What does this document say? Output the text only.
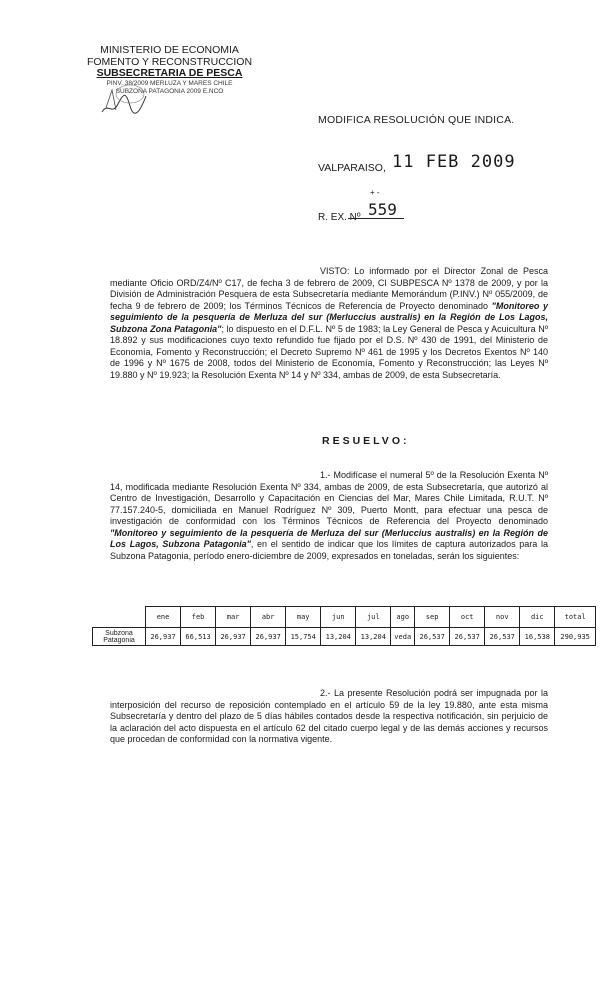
MINISTERIO DE ECONOMIA
FOMENTO Y RECONSTRUCCION
SUBSECRETARIA DE PESCA
PINV. 38/2009 MERLUZA Y MARES CHILE
SUBZONA PATAGONIA 2009 E.NCO
MODIFICA RESOLUCIÓN QUE INDICA.
VALPARAISO, 11 FEB 2009
+ -
R. EX. Nº 559

VISTO: Lo informado por el Director Zonal de Pesca mediante Oficio ORD/Z4/Nº C17, de fecha 3 de febrero de 2009, CI SUBPESCA Nº 1378 de 2009, y por la División de Administración Pesquera de esta Subsecretaría mediante Memorándum (P.INV.) Nº 055/2009, de fecha 9 de febrero de 2009; los Términos Técnicos de Referencia de Proyecto denominado "Monitoreo y seguimiento de la pesquería de Merluza del sur (Merluccius australis) en la Región de Los Lagos, Subzona Zona Patagonia"; lo dispuesto en el D.F.L. Nº 5 de 1983; la Ley General de Pesca y Acuicultura Nº 18.892 y sus modificaciones cuyo texto refundido fue fijado por el D.S. Nº 430 de 1991, del Ministerio de Economía, Fomento y Reconstrucción; el Decreto Supremo Nº 461 de 1995 y los Decretos Exentos Nº 140 de 1996 y Nº 1675 de 2008, todos del Ministerio de Economía, Fomento y Reconstrucción; las Leyes Nº 19.880 y Nº 19.923; la Resolución Exenta Nº 14 y Nº 334, ambas de 2009, de esta Subsecretaría.

RESUELVO:

1.- Modifícase el numeral 5º de la Resolución Exenta Nº 14, modificada mediante Resolución Exenta Nº 334, ambas de 2009, de esta Subsecretaría, que autorizó al Centro de Investigación, Desarrollo y Capacitación en Ciencias del Mar, Mares Chile Limitada, R.U.T. Nº 77.157.240-5, domiciliada en Manuel Rodríguez Nº 309, Puerto Montt, para efectuar una pesca de investigación de conformidad con los Términos Técnicos de Referencia del Proyecto denominado "Monitoreo y seguimiento de la pesquería de Merluza del sur (Merluccius australis) en la Región de Los Lagos, Subzona Patagonia", en el sentido de indicar que los límites de captura autorizados para la Subzona Patagonia, período enero-diciembre de 2009, expresados en toneladas, serán los siguientes:

	ene	feb	mar	abr	may	jun	jul	ago	sep	oct	nov	dic	total
Subzona Patagonia	26,937	66,513	26,937	26,937	15,754	13,204	13,204	veda	26,537	26,537	26,537	16,538	290,935

2.- La presente Resolución podrá ser impugnada por la interposición del recurso de reposición contemplado en el artículo 59 de la ley 19.880, ante esta misma Subsecretaría y dentro del plazo de 5 días hábiles contados desde la respectiva notificación, sin perjuicio de la aclaración del acto dispuesta en el artículo 62 del citado cuerpo legal y de las demás acciones y recursos que procedan de conformidad con la normativa vigente.
